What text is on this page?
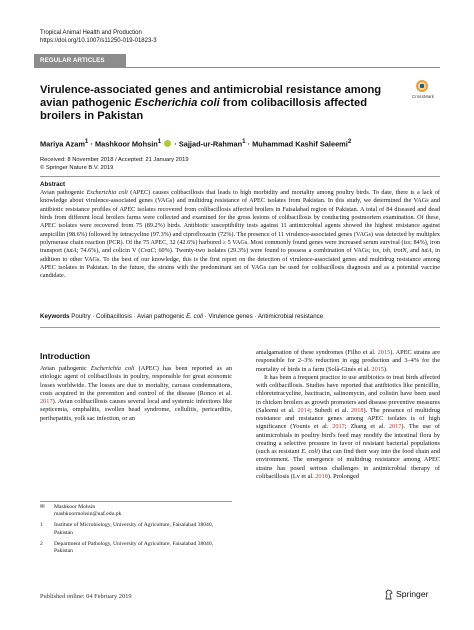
Tropical Animal Health and Production
https://doi.org/10.1007/s11250-019-01823-3
REGULAR ARTICLES
CrossMark
Virulence-associated genes and antimicrobial resistance among avian pathogenic Escherichia coli from colibacillosis affected broilers in Pakistan
Mariya Azam$^1$ · Mashkoor Mohsin$^1$  · Sajjad-ur-Rahman$^1$ · Muhammad Kashif Saleemi$^2$
Received: 8 November 2018 / Accepted: 21 January 2019
© Springer Nature B.V. 2019
Abstract

Avian pathogenic Escherichia coli (APEC) causes colibacillosis that leads to high morbidity and mortality among poultry birds. To date, there is a lack of knowledge about virulence-associated genes (VAGs) and multidrug resistance of APEC isolates from Pakistan. In this study, we determined the VAGs and antibiotic resistance profiles of APEC isolates recovered from colibacillosis affected broilers in Faisalabad region of Pakistan. A total of 84 diseased and dead birds from different local broilers farms were collected and examined for the gross lesions of colibacillosis by conducting postmortem examination. Of these, APEC isolates were recovered from 75 (89.2%) birds. Antibiotic susceptibility tests against 11 antimicrobial agents showed the highest resistance against ampicillin (98.6%) followed by tetracycline (97.3%) and ciprofloxacin (72%). The presence of 11 virulence-associated genes (VAGs) was detected by multiplex polymerase chain reaction (PCR). Of the 75 APEC, 32 (42.6%) harbored ≥ 5 VAGs. Most commonly found genes were increased serum survival (iss; 84%), iron transport (iutA; 74.6%), and colicin V (CvaC; 60%). Twenty-two isolates (29.3%) were found to possess a combination of VAGs; iss, tsh, irotN, and iutA, in addition to other VAGs. To the best of our knowledge, this is the first report on the detection of virulence-associated genes and multidrug resistance among APEC isolates in Pakistan. In the future, the strains with the predominant set of VAGs can be used for colibacillosis diagnosis and as a potential vaccine candidate.

Keywords Poultry · Colibacillosis · Avian pathogenic E. coli · Virulence genes · Antimicrobial resistance
Introduction

Avian pathogenic Escherichia coli (APEC) has been reported as an etiologic agent of colibacillosis in poultry, responsible for great economic losses worldwide. The losses are due to mortality, carcass condemnations, costs acquired in the prevention and control of the disease (Ronco et al. 2017). Avian colibacillosis causes several local and systemic infections like septicemia, omphalitis, swollen head syndrome, cellulitis, pericarditis, perihepatitis, yolk sac infection, or an

amalgamation of these syndromes (Filho et al. 2015). APEC strains are responsible for 2–3% reduction in egg production and 3–4% for the mortality of birds in a farm (Solà-Ginés et al. 2015).

It has been a frequent practice to use antibiotics to treat birds affected with colibacillosis. Studies have reported that antibiotics like penicillin, chloretetracycline, bacitracin, salinomycin, and colistin have been used in chicken broilers as growth promoters and disease preventive measures (Saleemi et al. 2014; Subedi et al. 2018). The presence of multidrug resistance and resistance genes among APEC isolates is of high significance (Younis et al. 2017; Zhang et al. 2017). The use of antimicrobials in poultry bird's feed may modify the intestinal flora by creating a selective pressure in favor of resistant bacterial populations (such as resistant E. coli) that can find their way into the food chain and environment. The emergence of multidrug resistance among APEC strains has posed serious challenges in antimicrobial therapy of colibacillosis (Lv et al. 2018). Prolonged

✉	Mashkoor Mohsin
mashkoormohsin@uaf.edu.pk
1	Institute of Microbiology, University of Agriculture, Faisalabad 38040, Pakistan
2	Department of Pathology, University of Agriculture, Faisalabad 38040, Pakistan
Published online: 04 February 2019	Springer
